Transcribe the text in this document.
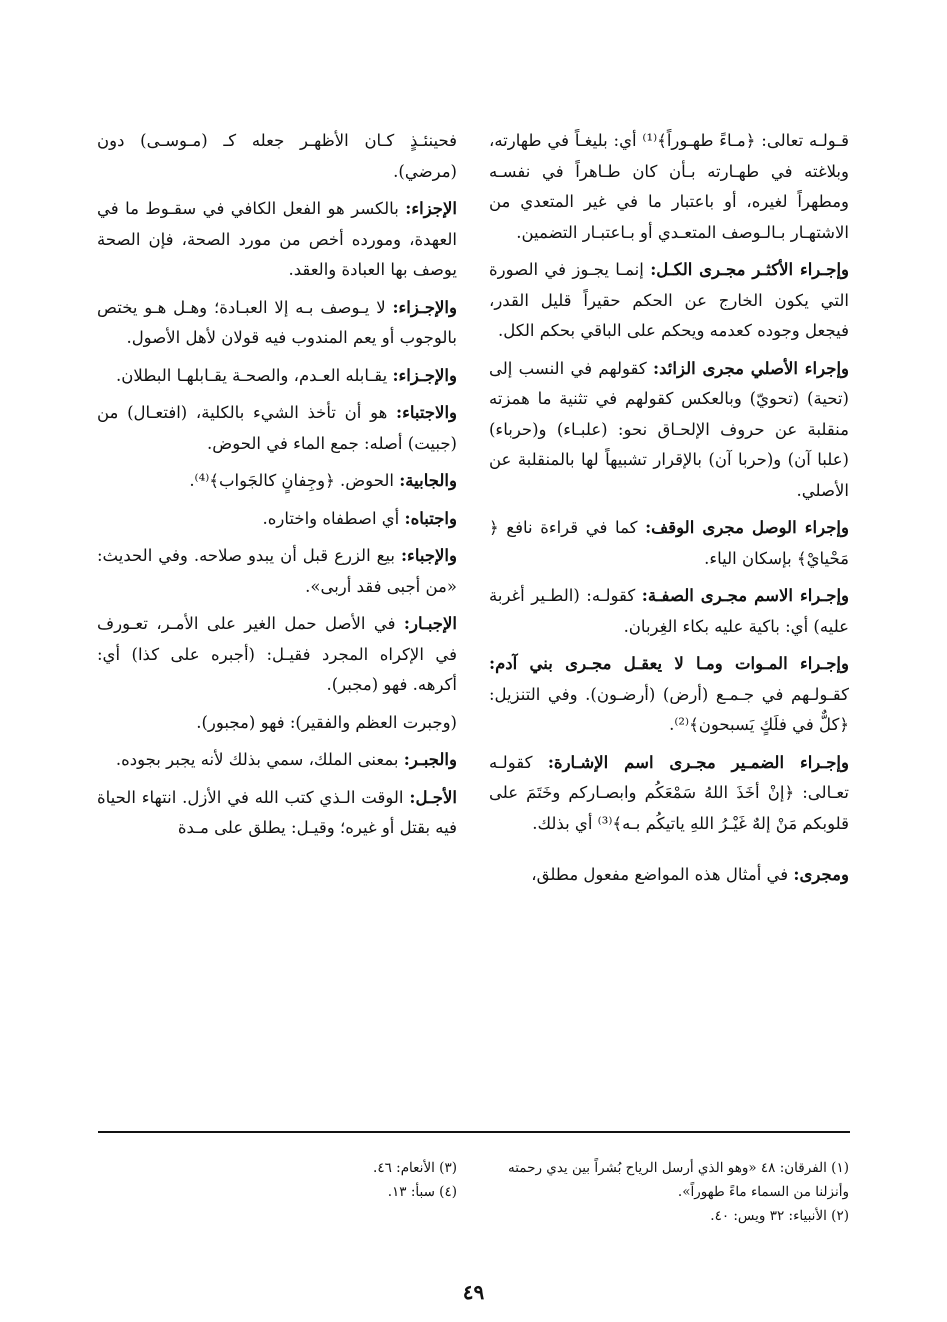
قـولـه تعالى: ﴿مـاءً طهـوراً﴾⁽¹⁾ أي: بليغـاً في طهارته، وبلاغته في طهـارته بـأن كان طـاهراً في نفسـه ومطهراً لغيره، أو باعتبار ما في غير المتعدي من الاشتهـار بـالـوصف المتعـدي أو بـاعتبـار التضمين.

وإجـراء الأكثـر مجـرى الكـل: إنمـا يجـوز في الصورة التي يكون الخارج عن الحكم حقيراً قليل القدر، فيجعل وجوده كعدمه ويحكم على الباقي بحكم الكل.

وإجراء الأصلي مجرى الزائد: كقولهم في النسب إلى (تحية) (تحويّ) وبالعكس كقولهم في تثنية ما همزته منقلبة عن حروف الإلحـاق نحو: (علبـاء) و(حرباء) (علبا آن) و(حربا آن) بالإقرار تشبيهاً لها بالمنقلبة عن الأصلي.

وإجراء الوصل مجرى الوقف: كما في قراءة نافع ﴿ مَحْيايْ﴾ بإسكان الياء.

وإجـراء الاسم مجـرى الصفـة: كقولـه: (الطـير أغربة عليه) أي: باكية عليه بكاء الغِربان.

وإجـراء المـوات ومـا لا يعقـل مجـرى بني آدم: كقـولـهم في جـمـع (أرض) (أرضـون). وفي التنزيل: ﴿كلٌّ في فلَكٍ يَسبحون﴾⁽²⁾.

وإجـراء الضمـير مجـرى اسم الإشـارة: كقولـه تعـالى: ﴿إنْ أخَذَ اللهُ سَمْعَكُم وابصـاركم وخَتَمَ على قلوبكم مَنْ إلهٌ غَيْـرُ اللهِ ياتيكُم بـه﴾⁽³⁾ أي بذلك.

ومجرى: في أمثال هذه المواضع مفعول مطلق،

فحينئـذٍ كـان الأظهـر جعله كـ (مـوسـى) دون (مرضي).

الإجزاء: بالكسر هو الفعل الكافي في سقـوط ما في العهدة، ومورده أخص من مورد الصحة، فإن الصحة يوصف بها العبادة والعقد.

والإجـزاء: لا يـوصف بـه إلا العبـادة؛ وهـل هـو يختص بالوجوب أو يعم المندوب فيه قولان لأهل الأصول.

والإجـزاء: يقـابله العـدم، والصحـة يقـابلهـا البطلان.

والاجتباء: هو أن تأخذ الشيء بالكلية، (افتعـال) من (جبيت) أصله: جمع الماء في الحوض.

والجابية: الحوض. ﴿وجِفانٍ كالجَواب﴾⁽⁴⁾.

واجتباه: أي اصطفاه واختاره.

والإجباء: بيع الزرع قبل أن يبدو صلاحه. وفي الحديث: «من أجبى فقد أربى».

الإجبـار: في الأصل حمل الغير على الأمـر، تعـورف في الإكراه المجرد فقيـل: (أجبره على كذا) أي: أكرهه. فهو (مجبر).

(وجبرت العظم والفقير): فهو (مجبور).

والجبـر: بمعنى الملك، سمي بذلك لأنه يجبر بجوده.

الأجـل: الوقت الـذي كتب الله في الأزل. انتهاء الحياة فيه بقتل أو غيره؛ وقيـل: يطلق على مـدة

(١) الفرقان: ٤٨ «وهو الذي أرسل الرياح بُشراً بين يدي رحمته وأنزلنا من السماء ماءً طهوراً».

(٢) الأنبياء: ٣٢ ويس: ٤٠.

(٣) الأنعام: ٤٦.

(٤) سبأ: ١٣.

٤٩
